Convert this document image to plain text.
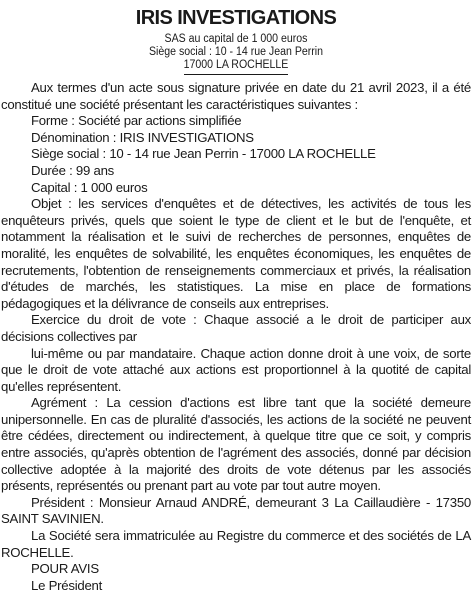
IRIS INVESTIGATIONS
SAS au capital de 1 000 euros
Siège social : 10 - 14 rue Jean Perrin
17000 LA ROCHELLE

Aux termes d'un acte sous signature privée en date du 21 avril 2023, il a été constitué une société présentant les caractéristiques suivantes :

Forme : Société par actions simplifiée

Dénomination : IRIS INVESTIGATIONS

Siège social : 10 - 14 rue Jean Perrin - 17000 LA ROCHELLE

Durée : 99 ans

Capital : 1 000 euros

Objet : les services d'enquêtes et de détectives, les activités de tous les enquêteurs privés, quels que soient le type de client et le but de l'enquête, et notamment la réalisation et le suivi de recherches de personnes, enquêtes de moralité, les enquêtes de solvabilité, les enquêtes économiques, les enquêtes de recrutements, l'obtention de renseignements commerciaux et privés, la réalisation d'études de marchés, les statistiques. La mise en place de formations pédagogiques et la délivrance de conseils aux entreprises.

Exercice du droit de vote : Chaque associé a le droit de participer aux décisions collectives par

lui-même ou par mandataire. Chaque action donne droit à une voix, de sorte que le droit de vote attaché aux actions est proportionnel à la quotité de capital qu'elles représentent.

Agrément : La cession d'actions est libre tant que la société demeure unipersonnelle. En cas de pluralité d'associés, les actions de la société ne peuvent être cédées, directement ou indirectement, à quelque titre que ce soit, y compris entre associés, qu'après obtention de l'agrément des associés, donné par décision collective adoptée à la majorité des droits de vote détenus par les associés présents, représentés ou prenant part au vote par tout autre moyen.

Président : Monsieur Arnaud ANDRÉ, demeurant 3 La Caillaudière - 17350 SAINT SAVINIEN.

La Société sera immatriculée au Registre du commerce et des sociétés de LA ROCHELLE.

POUR AVIS

Le Président
